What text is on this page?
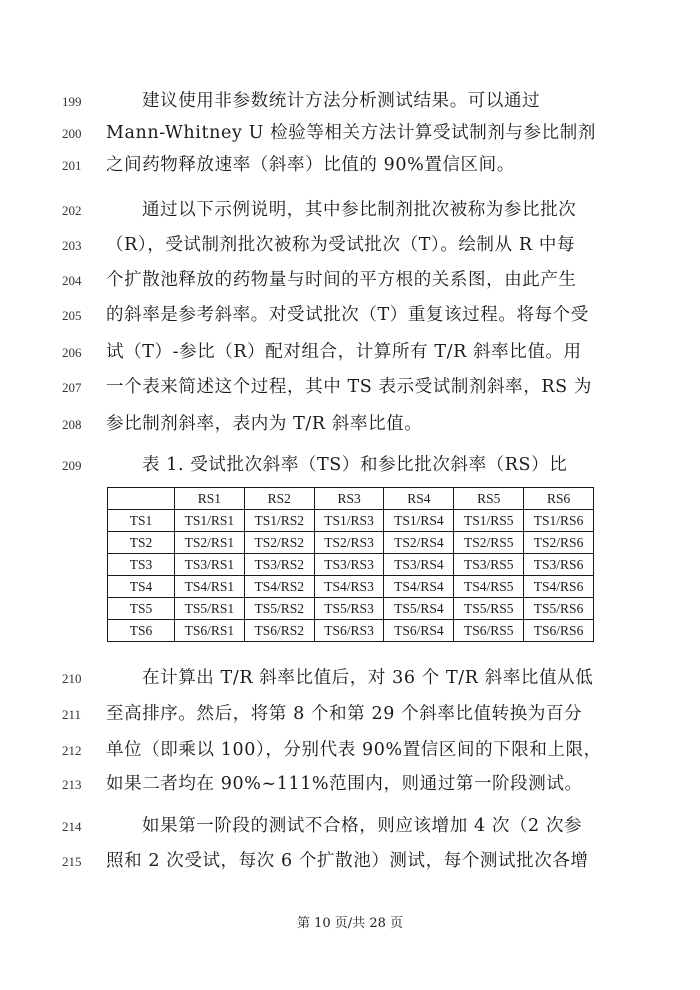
199	建议使用非参数统计方法分析测试结果。可以通过
200	Mann-Whitney U 检验等相关方法计算受试制剂与参比制剂
201	之间药物释放速率（斜率）比值的 90%置信区间。
202	通过以下示例说明，其中参比制剂批次被称为参比批次
203	（R），受试制剂批次被称为受试批次（T）。绘制从 R 中每
204	个扩散池释放的药物量与时间的平方根的关系图，由此产生
205	的斜率是参考斜率。对受试批次（T）重复该过程。将每个受
206	试（T）-参比（R）配对组合，计算所有 T/R 斜率比值。用
207	一个表来简述这个过程，其中 TS 表示受试制剂斜率，RS 为
208	参比制剂斜率，表内为 T/R 斜率比值。
209	表 1. 受试批次斜率（TS）和参比批次斜率（RS）比
	RS1	RS2	RS3	RS4	RS5	RS6
TS1	TS1/RS1	TS1/RS2	TS1/RS3	TS1/RS4	TS1/RS5	TS1/RS6
TS2	TS2/RS1	TS2/RS2	TS2/RS3	TS2/RS4	TS2/RS5	TS2/RS6
TS3	TS3/RS1	TS3/RS2	TS3/RS3	TS3/RS4	TS3/RS5	TS3/RS6
TS4	TS4/RS1	TS4/RS2	TS4/RS3	TS4/RS4	TS4/RS5	TS4/RS6
TS5	TS5/RS1	TS5/RS2	TS5/RS3	TS5/RS4	TS5/RS5	TS5/RS6
TS6	TS6/RS1	TS6/RS2	TS6/RS3	TS6/RS4	TS6/RS5	TS6/RS6
210	在计算出 T/R 斜率比值后，对 36 个 T/R 斜率比值从低
211	至高排序。然后，将第 8 个和第 29 个斜率比值转换为百分
212	单位（即乘以 100），分别代表 90%置信区间的下限和上限，
213	如果二者均在 90%~111%范围内，则通过第一阶段测试。
214	如果第一阶段的测试不合格，则应该增加 4 次（2 次参
215	照和 2 次受试，每次 6 个扩散池）测试，每个测试批次各增
第 10 页/共 28 页
